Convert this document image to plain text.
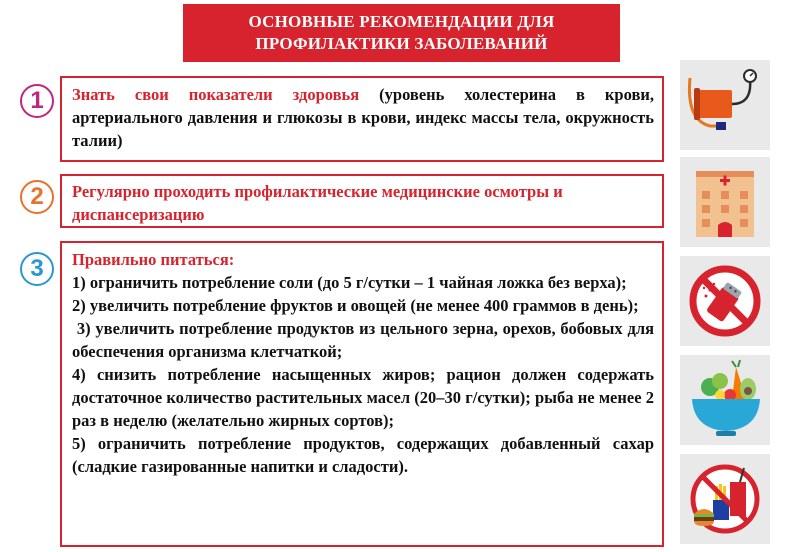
ОСНОВНЫЕ РЕКОМЕНДАЦИИ ДЛЯ
ПРОФИЛАКТИКИ ЗАБОЛЕВАНИЙ
1	Знать свои показатели здоровья (уровень холестерина в крови, артериального давления и глюкозы в крови, индекс массы тела, окружность талии)
2	Регулярно проходить профилактические медицинские осмотры и диспансеризацию
3	Правильно питаться:

1) ограничить потребление соли (до 5 г/сутки – 1 чайная ложка без верха);

2) увеличить потребление фруктов и овощей (не менее 400 граммов в день);

3) увеличить потребление продуктов из цельного зерна, орехов, бобовых для обеспечения организма клетчаткой;

4) снизить потребление насыщенных жиров; рацион должен содержать достаточное количество растительных масел (20–30 г/сутки); рыба не менее 2 раз в неделю (желательно жирных сортов);

5) ограничить потребление продуктов, содержащих добавленный сахар (сладкие газированные напитки и сладости).
